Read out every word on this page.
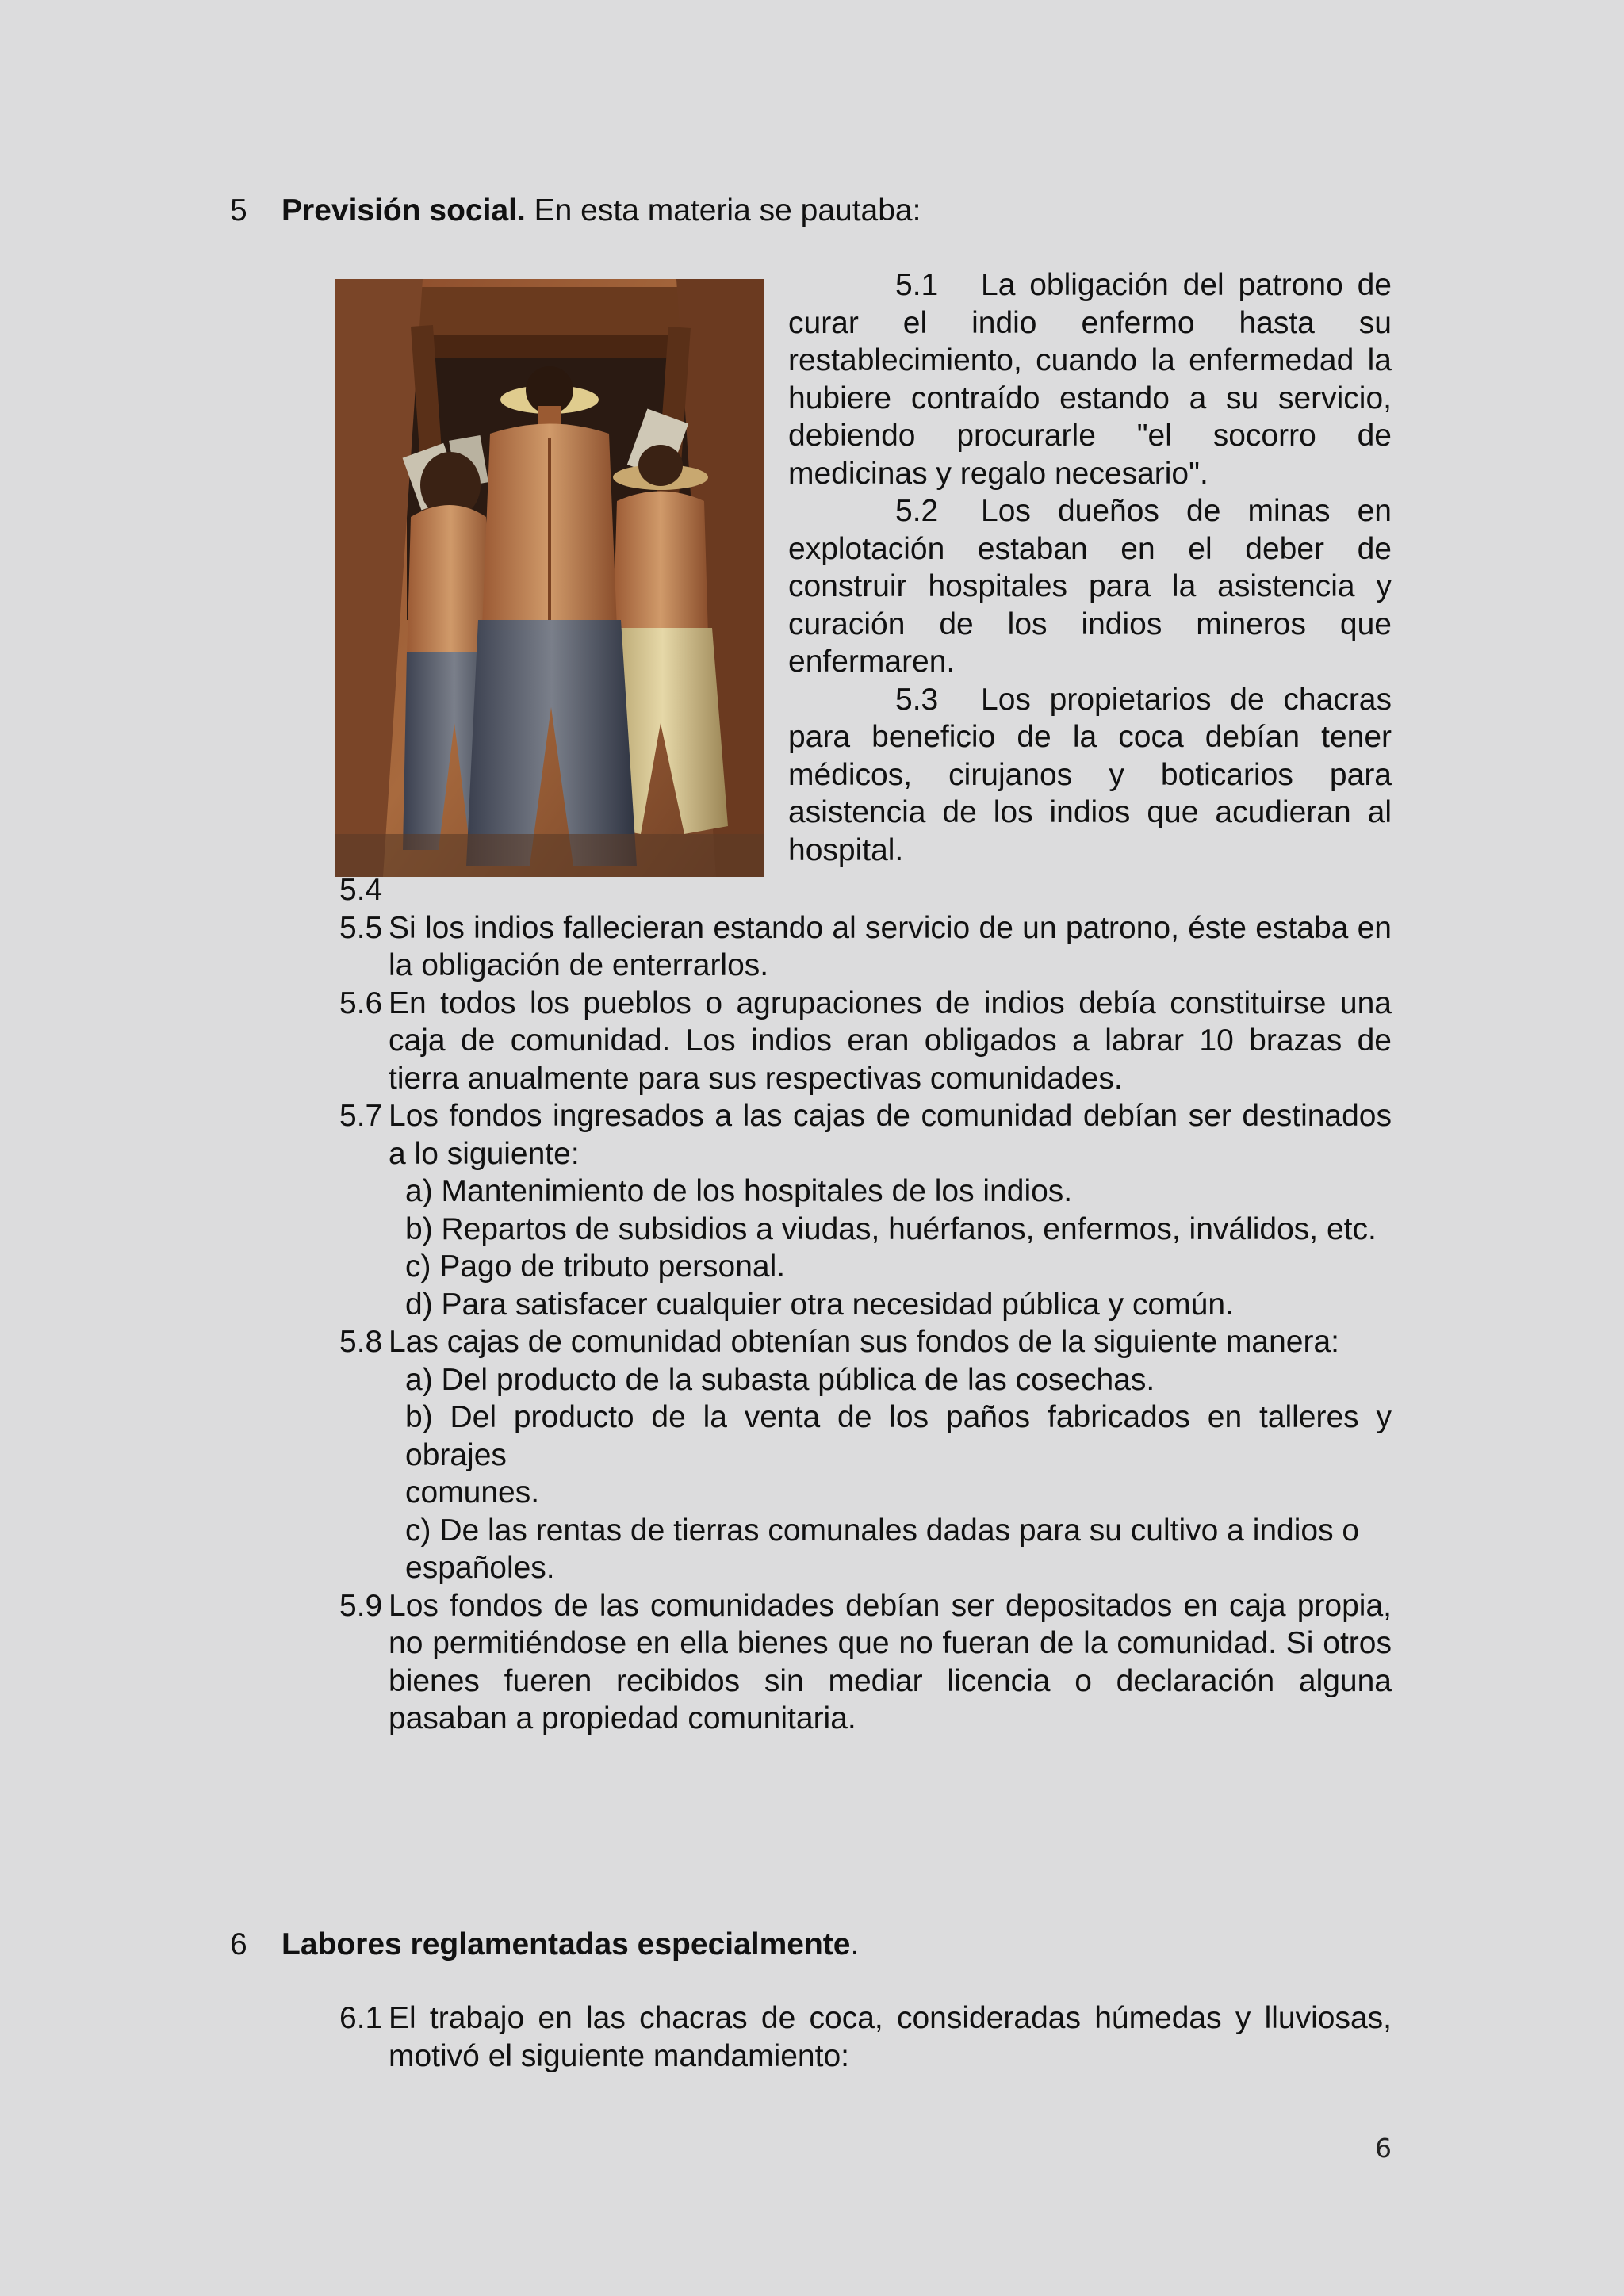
5 Previsión social. En esta materia se pautaba:

5.1 La obligación del patrono de curar el indio enfermo hasta su restablecimiento, cuando la enfermedad la hubiere contraído estando a su servicio, debiendo procurarle "el socorro de medicinas y regalo necesario".

5.2 Los dueños de minas en explotación estaban en el deber de construir hospitales para la asistencia y curación de los indios mineros que enfermaren.

5.3 Los propietarios de chacras para beneficio de la coca debían tener médicos, cirujanos y boticarios para asistencia de los indios que acudieran al hospital.

5.4

5.5 Si los indios fallecieran estando al servicio de un patrono, éste estaba en la obligación de enterrarlos.
5.6 En todos los pueblos o agrupaciones de indios debía constituirse una caja de comunidad. Los indios eran obligados a labrar 10 brazas de tierra anualmente para sus respectivas comunidades.
5.7 Los fondos ingresados a las cajas de comunidad debían ser destinados a lo siguiente:
a) Mantenimiento de los hospitales de los indios.
b) Repartos de subsidios a viudas, huérfanos, enfermos, inválidos, etc.
c) Pago de tributo personal.
d) Para satisfacer cualquier otra necesidad pública y común.
5.8 Las cajas de comunidad obtenían sus fondos de la siguiente manera:
a) Del producto de la subasta pública de las cosechas.
b) Del producto de la venta de los paños fabricados en talleres y obrajes
comunes.
c) De las rentas de tierras comunales dadas para su cultivo a indios o
españoles.
5.9 Los fondos de las comunidades debían ser depositados en caja propia, no permitiéndose en ella bienes que no fueran de la comunidad. Si otros bienes fueren recibidos sin mediar licencia o declaración alguna pasaban a propiedad comunitaria.
6 Labores reglamentadas especialmente.
6.1 El trabajo en las chacras de coca, consideradas húmedas y lluviosas, motivó el siguiente mandamiento:
6
